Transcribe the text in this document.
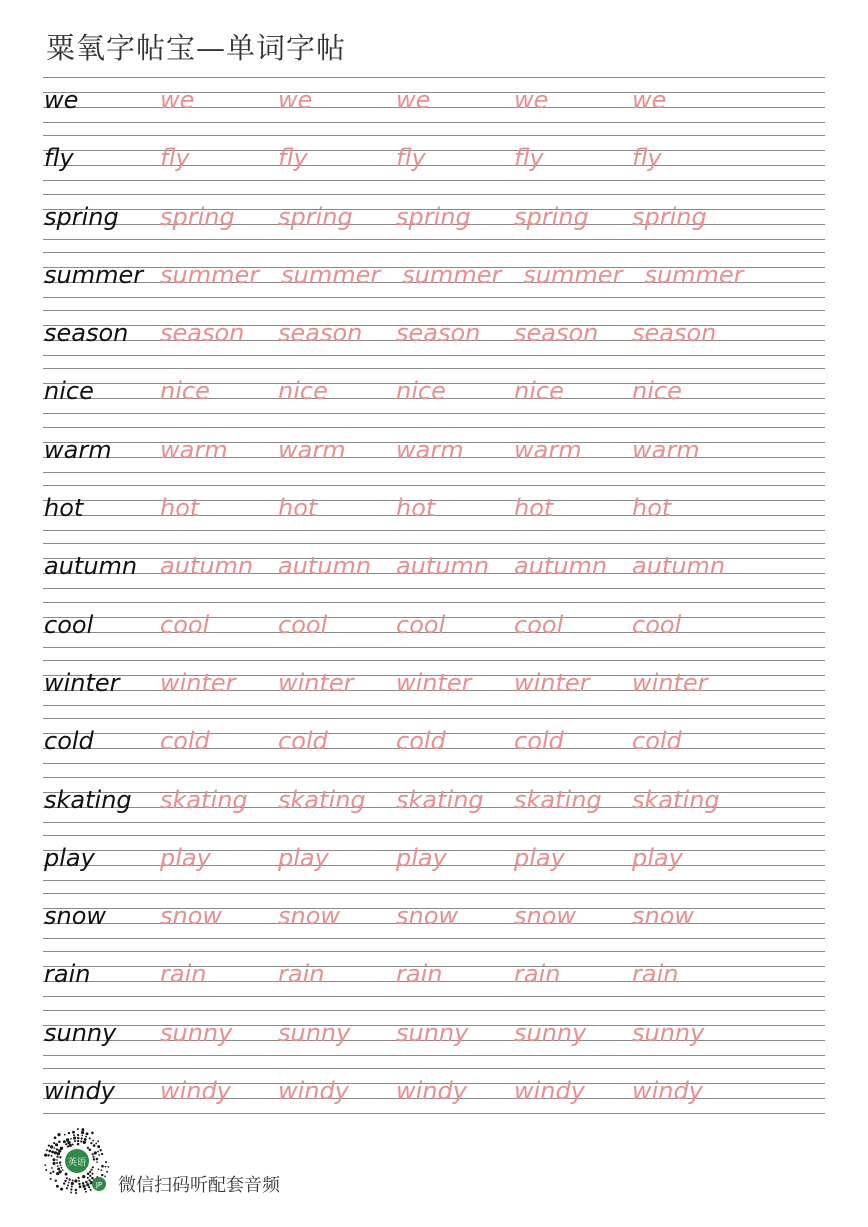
粟氧字帖宝—单词字帖
we	we	we	we	we	we
fly	fly	fly	fly	fly	fly
spring spring spring spring spring spring
summer summer summer summer summer summer
season season season season season season
nice	nice	nice	nice	nice	nice
warm warm warm warm warm warm
hot	hot	hot	hot	hot	hot
autumn autumn autumn autumn autumn autumn
cool	cool	cool	cool	cool	cool
winter winter winter winter winter winter
cold	cold	cold	cold	cold	cold
skating skating skating skating skating skating
play	play	play	play	play	play
snow snow snow snow snow snow
rain	rain	rain	rain	rain	rain
sunny sunny sunny sunny sunny sunny
windy windy windy windy windy windy
英语
JP 微信扫码听配套音频
